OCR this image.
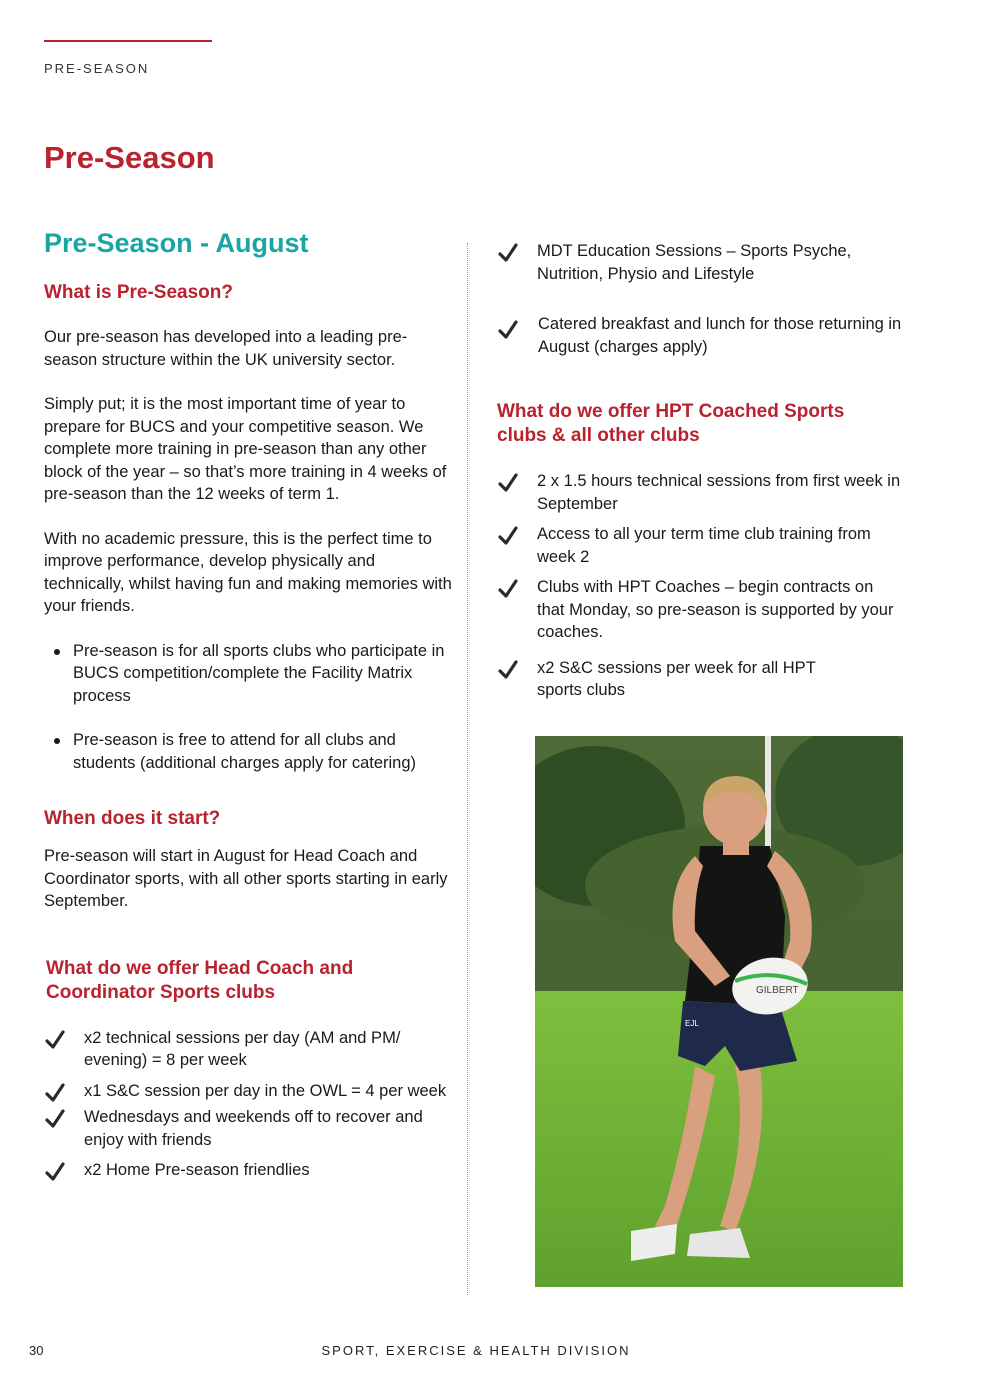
PRE-SEASON
Pre-Season
Pre-Season - August
What is Pre-Season?

Our pre-season has developed into a leading pre-season structure within the UK university sector.

Simply put; it is the most important time of year to prepare for BUCS and your competitive season. We complete more training in pre-season than any other block of the year – so that’s more training in 4 weeks of pre-season than the 12 weeks of term 1.

With no academic pressure, this is the perfect time to improve performance, develop physically and technically, whilst having fun and making memories with your friends.

Pre-season is for all sports clubs who participate in BUCS competition/complete the Facility Matrix process
Pre-season is free to attend for all clubs and students (additional charges apply for catering)
When does it start?

Pre-season will start in August for Head Coach and Coordinator sports, with all other sports starting in early September.

What do we offer Head Coach and Coordinator Sports clubs
x2 technical sessions per day (AM and PM/ evening) = 8 per week
x1 S&C session per day in the OWL = 4 per week
Wednesdays and weekends off to recover and enjoy with friends
x2 Home Pre-season friendlies
MDT Education Sessions – Sports Psyche, Nutrition, Physio and Lifestyle
Catered breakfast and lunch for those returning in August (charges apply)
What do we offer HPT Coached Sports clubs & all other clubs
2 x 1.5 hours technical sessions from first week in September
Access to all your term time club training from week 2
Clubs with HPT Coaches – begin contracts on that Monday, so pre-season is supported by your coaches.
x2 S&C sessions per week for all HPT sports clubs
GILBERT
EJL
30	SPORT, EXERCISE & HEALTH DIVISION
